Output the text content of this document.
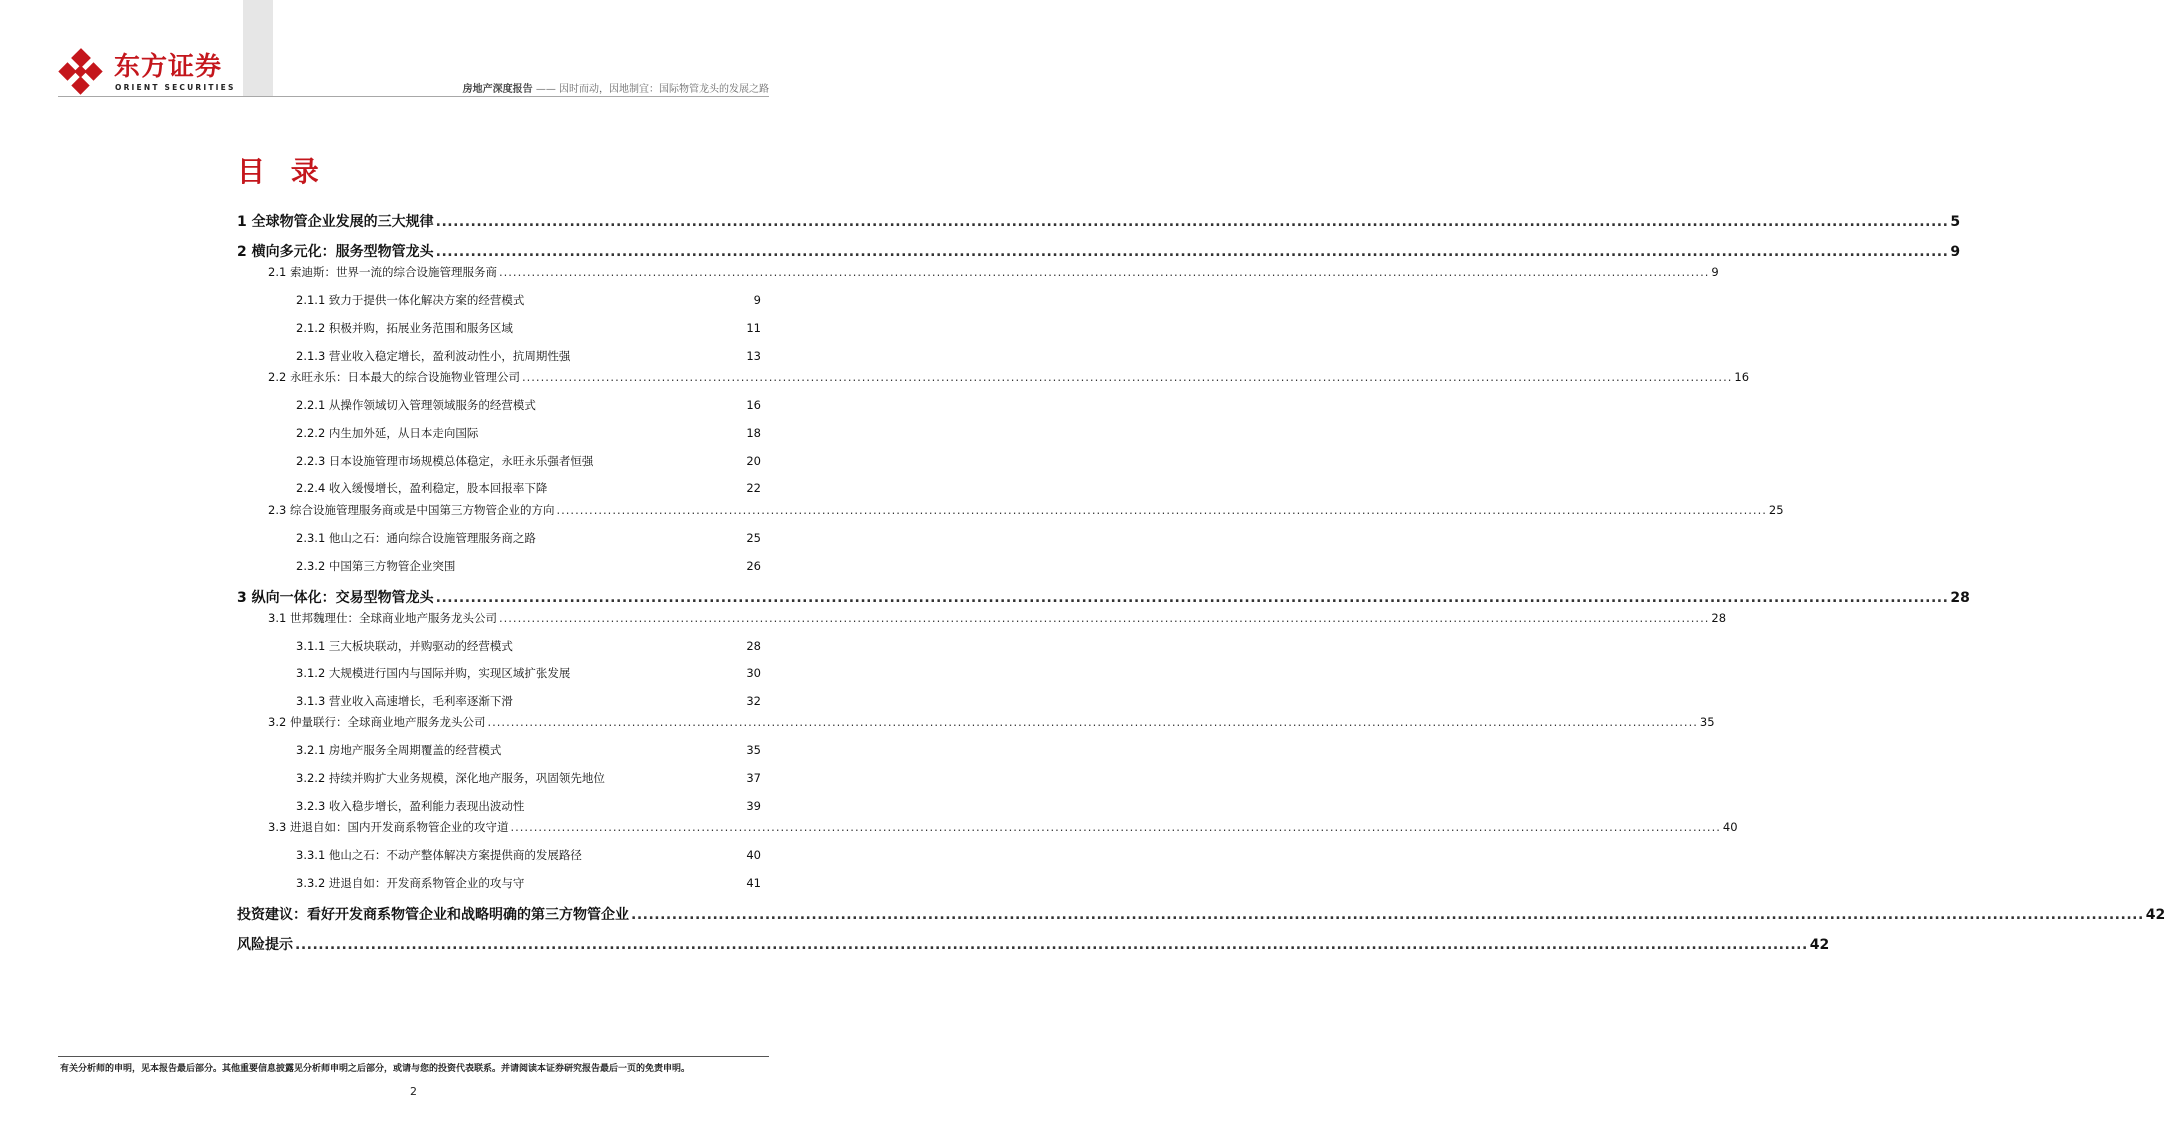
东方证券
ORIENT SECURITIES	房地产深度报告 —— 因时而动，因地制宜：国际物管龙头的发展之路
目 录
1 全球物管企业发展的三大规律 .................................................................................................................................................................................................................................................................... 5
2 横向多元化：服务型物管龙头 .................................................................................................................................................................................................................................................................... 9
2.1 索迪斯：世界一流的综合设施管理服务商 .................................................................................................................................................................................................................................................................... 9
2.1.1 致力于提供一体化解决方案的经营模式	9
2.1.2 积极并购，拓展业务范围和服务区域	11
2.1.3 营业收入稳定增长，盈利波动性小，抗周期性强	13
2.2 永旺永乐：日本最大的综合设施物业管理公司 .................................................................................................................................................................................................................................................................... 16
2.2.1 从操作领域切入管理领域服务的经营模式	16
2.2.2 内生加外延，从日本走向国际	18
2.2.3 日本设施管理市场规模总体稳定，永旺永乐强者恒强	20
2.2.4 收入缓慢增长，盈利稳定，股本回报率下降	22
2.3 综合设施管理服务商或是中国第三方物管企业的方向 .................................................................................................................................................................................................................................................................... 25
2.3.1 他山之石：通向综合设施管理服务商之路	25
2.3.2 中国第三方物管企业突围	26
3 纵向一体化：交易型物管龙头 .................................................................................................................................................................................................................................................................... 28
3.1 世邦魏理仕：全球商业地产服务龙头公司 .................................................................................................................................................................................................................................................................... 28
3.1.1 三大板块联动，并购驱动的经营模式	28
3.1.2 大规模进行国内与国际并购，实现区域扩张发展	30
3.1.3 营业收入高速增长，毛利率逐渐下滑	32
3.2 仲量联行：全球商业地产服务龙头公司 .................................................................................................................................................................................................................................................................... 35
3.2.1 房地产服务全周期覆盖的经营模式	35
3.2.2 持续并购扩大业务规模，深化地产服务，巩固领先地位	37
3.2.3 收入稳步增长，盈利能力表现出波动性	39
3.3 进退自如：国内开发商系物管企业的攻守道 .................................................................................................................................................................................................................................................................... 40
3.3.1 他山之石：不动产整体解决方案提供商的发展路径	40
3.3.2 进退自如：开发商系物管企业的攻与守	41
投资建议：看好开发商系物管企业和战略明确的第三方物管企业 .................................................................................................................................................................................................................................................................... 42
风险提示 .................................................................................................................................................................................................................................................................... 42
有关分析师的申明，见本报告最后部分。其他重要信息披露见分析师申明之后部分，或请与您的投资代表联系。并请阅读本证券研究报告最后一页的免责申明。
2
